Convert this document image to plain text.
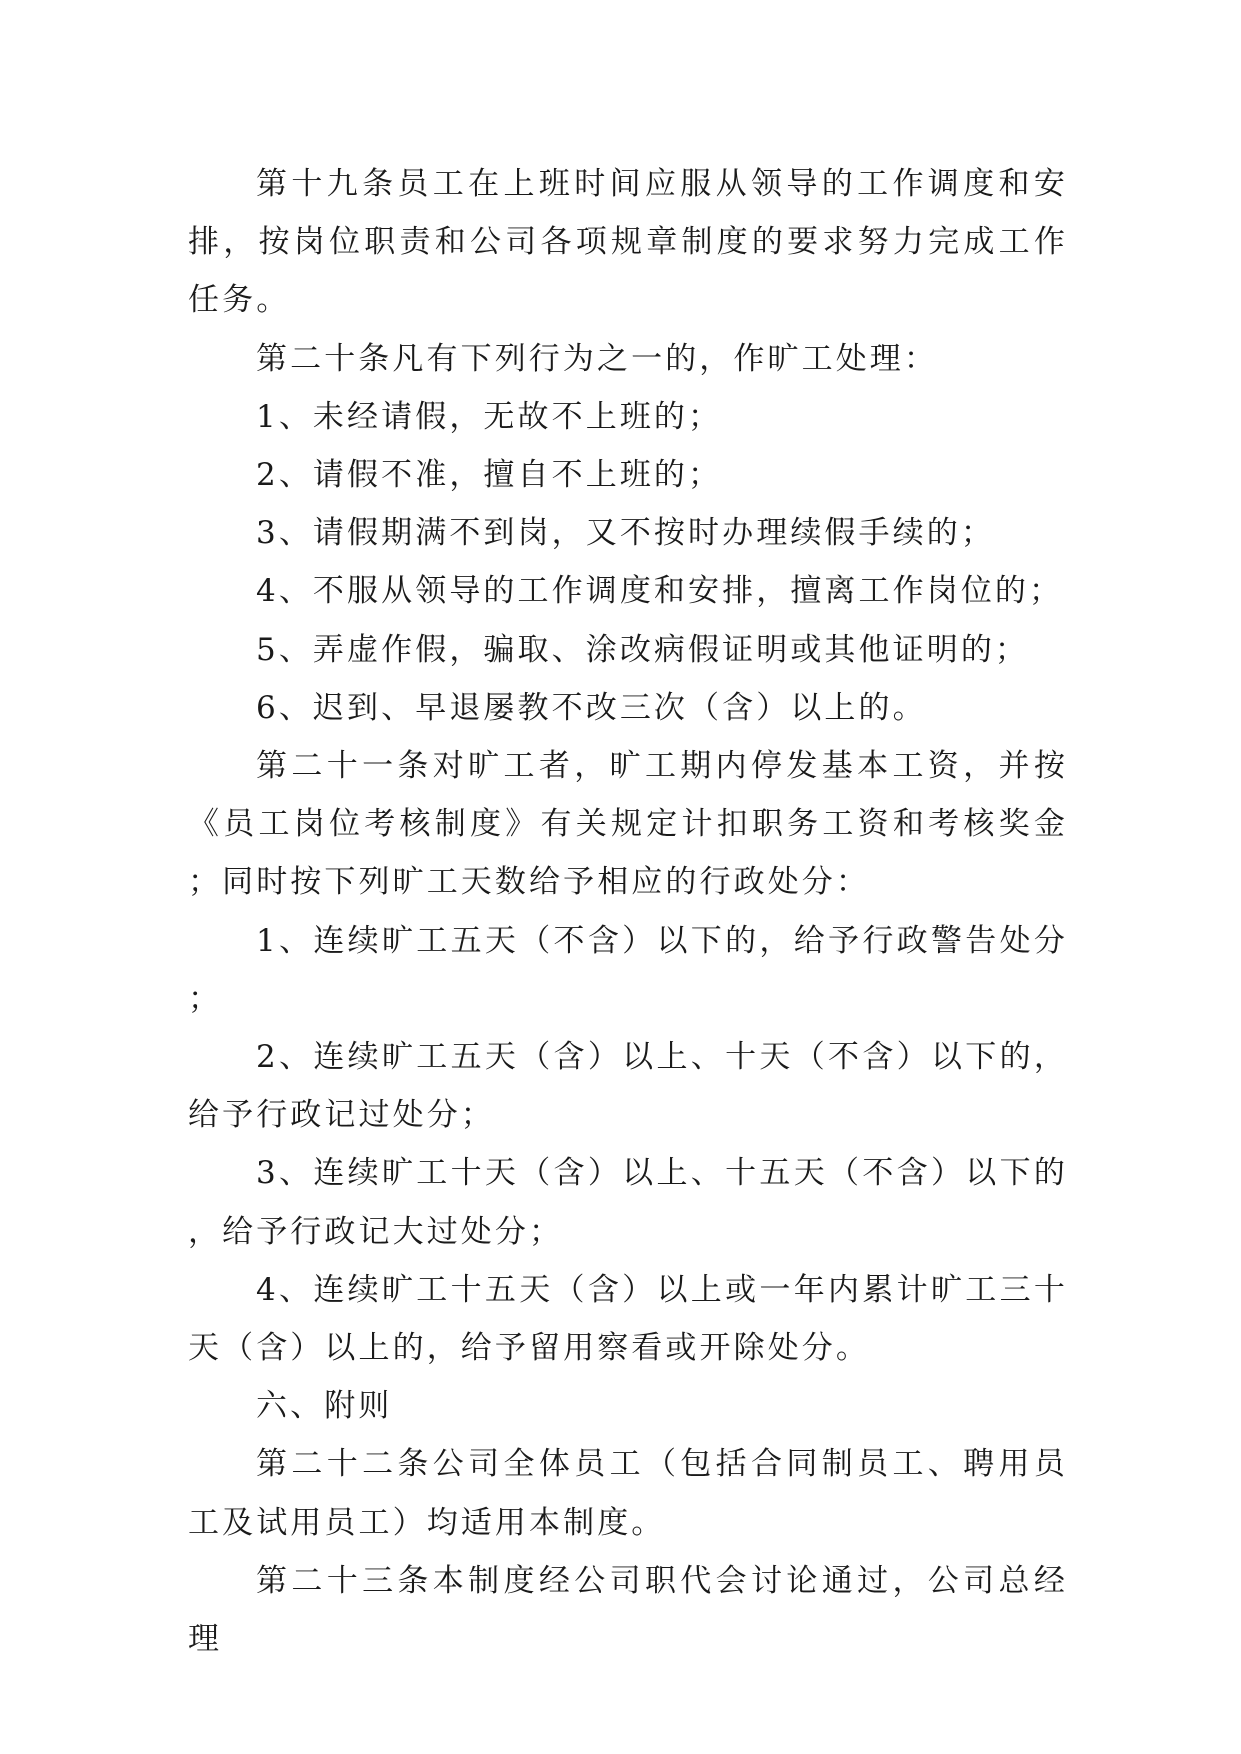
第十九条员工在上班时间应服从领导的工作调度和安排，按岗位职责和公司各项规章制度的要求努力完成工作任务。

第二十条凡有下列行为之一的，作旷工处理：

1、未经请假，无故不上班的；

2、请假不准，擅自不上班的；

3、请假期满不到岗，又不按时办理续假手续的；

4、不服从领导的工作调度和安排，擅离工作岗位的；

5、弄虚作假，骗取、涂改病假证明或其他证明的；

6、迟到、早退屡教不改三次（含）以上的。

第二十一条对旷工者，旷工期内停发基本工资，并按《员工岗位考核制度》有关规定计扣职务工资和考核奖金；同时按下列旷工天数给予相应的行政处分：

1、连续旷工五天（不含）以下的，给予行政警告处分；

2、连续旷工五天（含）以上、十天（不含）以下的，给予行政记过处分；

3、连续旷工十天（含）以上、十五天（不含）以下的，给予行政记大过处分；

4、连续旷工十五天（含）以上或一年内累计旷工三十天（含）以上的，给予留用察看或开除处分。

六、附则

第二十二条公司全体员工（包括合同制员工、聘用员工及试用员工）均适用本制度。

第二十三条本制度经公司职代会讨论通过，公司总经理
